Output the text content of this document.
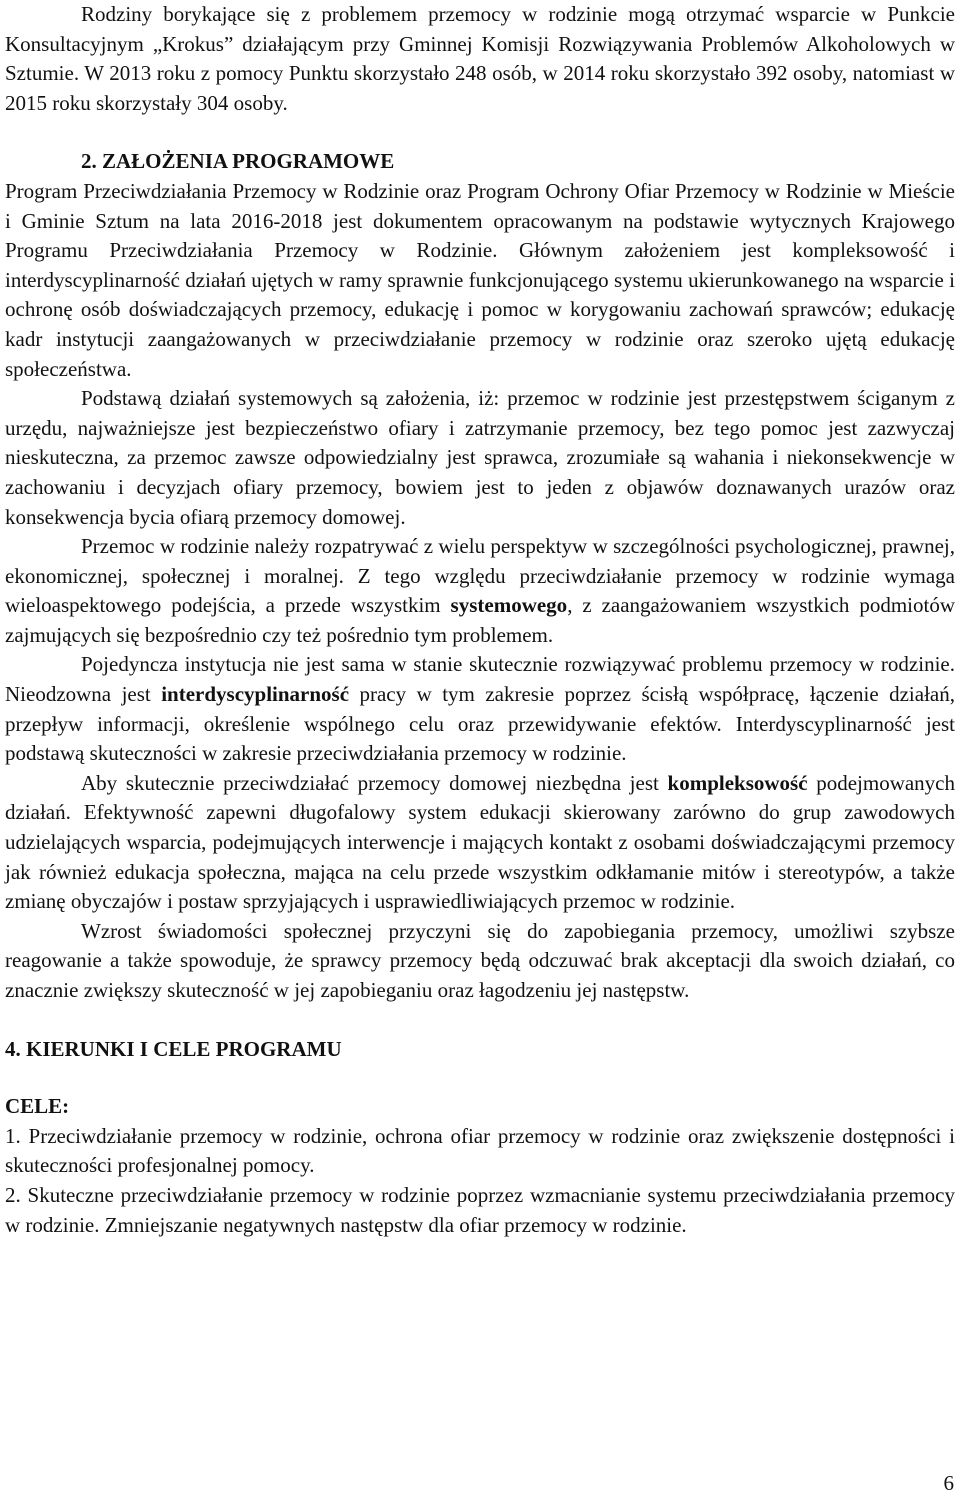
Rodziny borykające się z problemem przemocy w rodzinie mogą otrzymać wsparcie w Punkcie Konsultacyjnym „Krokus” działającym przy Gminnej Komisji Rozwiązywania Problemów Alkoholowych w Sztumie. W 2013 roku z pomocy Punktu skorzystało 248 osób, w 2014 roku skorzystało 392 osoby, natomiast w 2015 roku skorzystały 304 osoby.

2. ZAŁOŻENIA PROGRAMOWE

Program Przeciwdziałania Przemocy w Rodzinie oraz Program Ochrony Ofiar Przemocy w Rodzinie w Mieście i Gminie Sztum na lata 2016-2018 jest dokumentem opracowanym na podstawie wytycznych Krajowego Programu Przeciwdziałania Przemocy w Rodzinie. Głównym założeniem jest kompleksowość i interdyscyplinarność działań ujętych w ramy sprawnie funkcjonującego systemu ukierunkowanego na wsparcie i ochronę osób doświadczających przemocy, edukację i pomoc w korygowaniu zachowań sprawców; edukację kadr instytucji zaangażowanych w przeciwdziałanie przemocy w rodzinie oraz szeroko ujętą edukację społeczeństwa.

Podstawą działań systemowych są założenia, iż: przemoc w rodzinie jest przestępstwem ściganym z urzędu, najważniejsze jest bezpieczeństwo ofiary i zatrzymanie przemocy, bez tego pomoc jest zazwyczaj nieskuteczna, za przemoc zawsze odpowiedzialny jest sprawca, zrozumiałe są wahania i niekonsekwencje w zachowaniu i decyzjach ofiary przemocy, bowiem jest to jeden z objawów doznawanych urazów oraz konsekwencja bycia ofiarą przemocy domowej.

Przemoc w rodzinie należy rozpatrywać z wielu perspektyw w szczególności psychologicznej, prawnej, ekonomicznej, społecznej i moralnej. Z tego względu przeciwdziałanie przemocy w rodzinie wymaga wieloaspektowego podejścia, a przede wszystkim systemowego, z zaangażowaniem wszystkich podmiotów zajmujących się bezpośrednio czy też pośrednio tym problemem.

Pojedyncza instytucja nie jest sama w stanie skutecznie rozwiązywać problemu przemocy w rodzinie. Nieodzowna jest interdyscyplinarność pracy w tym zakresie poprzez ścisłą współpracę, łączenie działań, przepływ informacji, określenie wspólnego celu oraz przewidywanie efektów. Interdyscyplinarność jest podstawą skuteczności w zakresie przeciwdziałania przemocy w rodzinie.

Aby skutecznie przeciwdziałać przemocy domowej niezbędna jest kompleksowość podejmowanych działań. Efektywność zapewni długofalowy system edukacji skierowany zarówno do grup zawodowych udzielających wsparcia, podejmujących interwencje i mających kontakt z osobami doświadczającymi przemocy jak również edukacja społeczna, mająca na celu przede wszystkim odkłamanie mitów i stereotypów, a także zmianę obyczajów i postaw sprzyjających i usprawiedliwiających przemoc w rodzinie.

Wzrost świadomości społecznej przyczyni się do zapobiegania przemocy, umożliwi szybsze reagowanie a także spowoduje, że sprawcy przemocy będą odczuwać brak akceptacji dla swoich działań, co znacznie zwiększy skuteczność w jej zapobieganiu oraz łagodzeniu jej następstw.

4. KIERUNKI I CELE PROGRAMU
CELE:

1. Przeciwdziałanie przemocy w rodzinie, ochrona ofiar przemocy w rodzinie oraz zwiększenie dostępności i skuteczności profesjonalnej pomocy.

2. Skuteczne przeciwdziałanie przemocy w rodzinie poprzez wzmacnianie systemu przeciwdziałania przemocy w rodzinie. Zmniejszanie negatywnych następstw dla ofiar przemocy w rodzinie.

6
